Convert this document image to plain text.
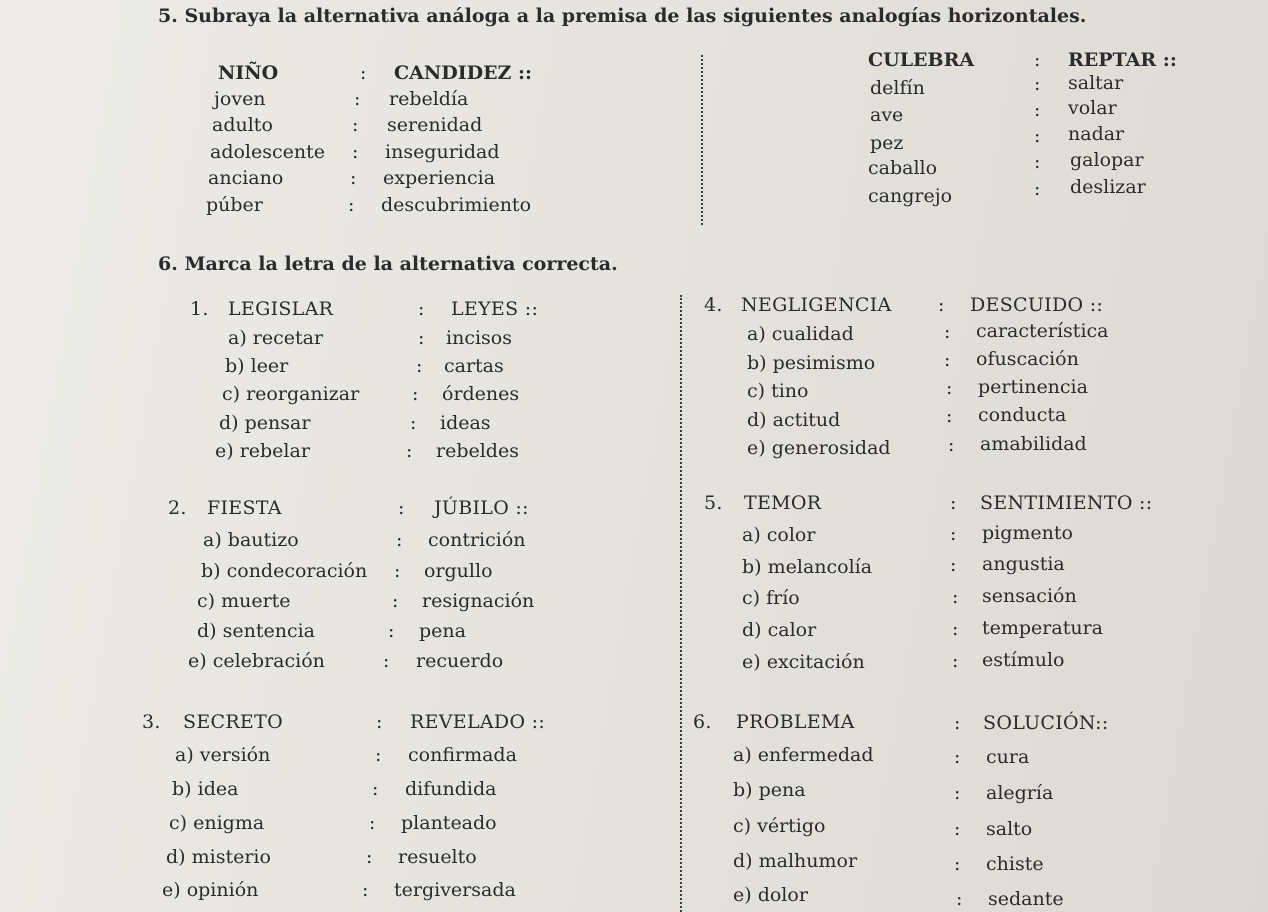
5. Subraya la alternativa análoga a la premisa de las siguientes analogías horizontales.
NIÑO	: CANDIDEZ ::
joven	: rebeldía
adulto	: serenidad
adolescente : inseguridad
anciano	: experiencia
púber	: descubrimiento
CULEBRA	: REPTAR ::
delfín	: saltar
ave	: volar
pez	: nadar
caballo	: galopar
cangrejo	: deslizar
6. Marca la letra de la alternativa correcta.
1. LEGISLAR	: LEYES ::
a) recetar	: incisos
b) leer	: cartas
c) reorganizar	: órdenes
d) pensar	: ideas
e) rebelar	: rebeldes
2. FIESTA	: JÚBILO ::
a) bautizo	: contrición
b) condecoración : orgullo
c) muerte	: resignación
d) sentencia	: pena
e) celebración	: recuerdo
3. SECRETO	: REVELADO ::
a) versión	: confirmada
b) idea	: difundida
c) enigma	: planteado
d) misterio	: resuelto
e) opinión	: tergiversada
4. NEGLIGENCIA : DESCUIDO ::
a) cualidad	: característica
b) pesimismo	: ofuscación
c) tino	: pertinencia
d) actitud	: conducta
e) generosidad	: amabilidad
5. TEMOR	: SENTIMIENTO ::
a) color	: pigmento
b) melancolía	: angustia
c) frío	: sensación
d) calor	: temperatura
e) excitación	: estímulo
6. PROBLEMA	: SOLUCIÓN::
a) enfermedad	: cura
b) pena	: alegría
c) vértigo	: salto
d) malhumor	: chiste
e) dolor	: sedante
